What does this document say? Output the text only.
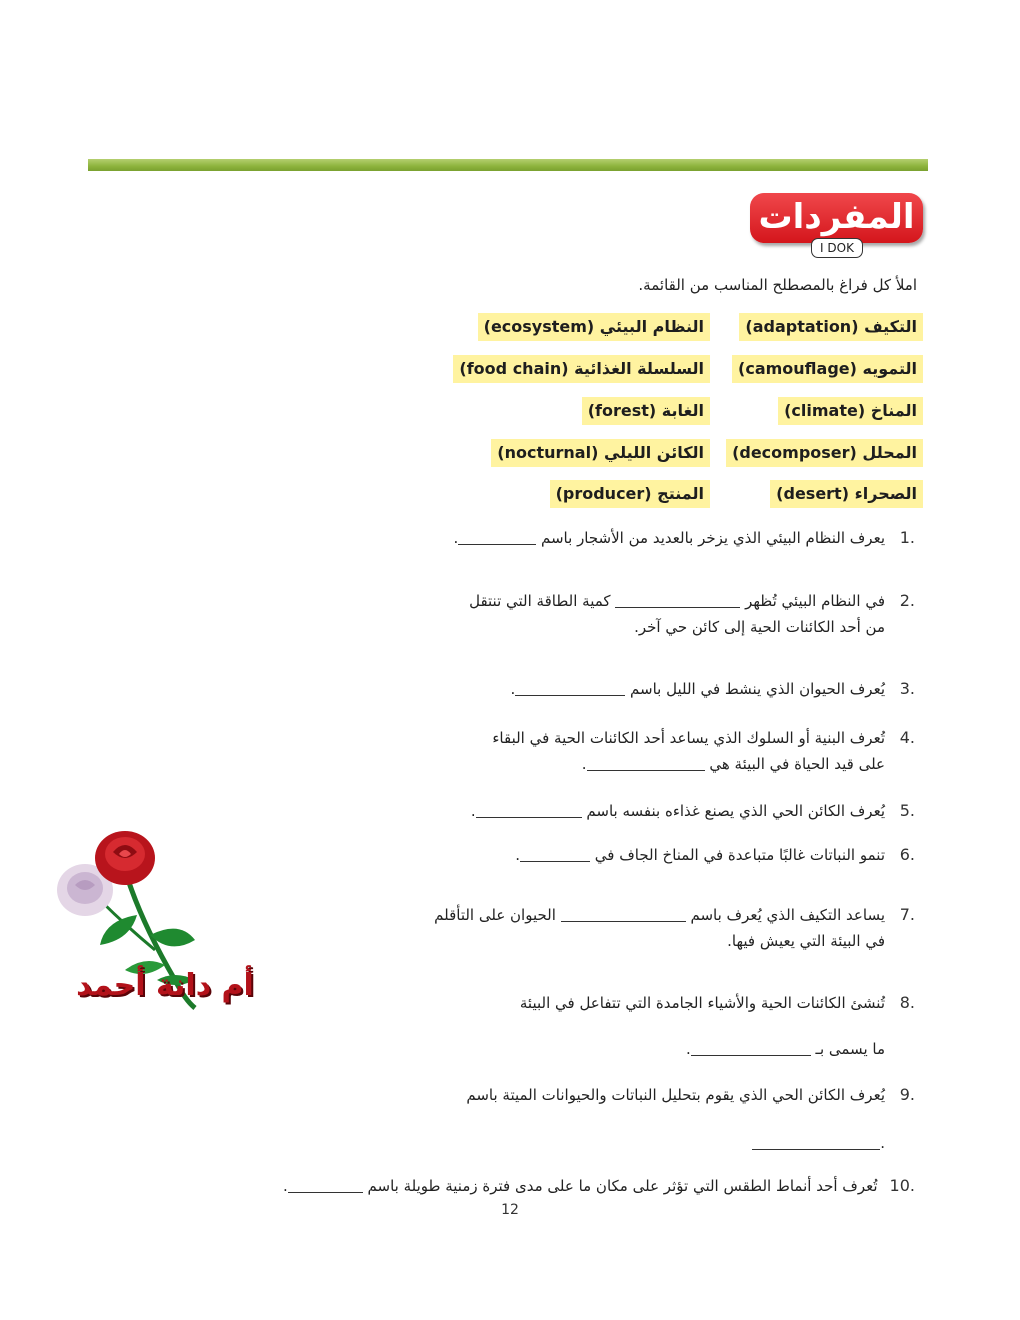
المفردات
I DOK
املأ كل فراغ بالمصطلح المناسب من القائمة.
التكيف (adaptation)
التمويه (camouflage)
المناخ (climate)
المحلل (decomposer)
الصحراء (desert)
النظام البيئي (ecosystem)
السلسلة الغذائية (food chain)
الغابة (forest)
الكائن الليلي (nocturnal)
المنتج (producer)
.1يعرف النظام البيئي الذي يزخر بالعديد من الأشجار باسم .
.2في النظام البيئي تُظهر  كمية الطاقة التي تنتقل
من أحد الكائنات الحية إلى كائن حي آخر.
.3يُعرف الحيوان الذي ينشط في الليل باسم .
.4تُعرف البنية أو السلوك الذي يساعد أحد الكائنات الحية في البقاء
على قيد الحياة في البيئة هي .
.5يُعرف الكائن الحي الذي يصنع غذاءه بنفسه باسم .
.6تنمو النباتات غالبًا متباعدة في المناخ الجاف في .
.7يساعد التكيف الذي يُعرف باسم  الحيوان على التأقلم
في البيئة التي يعيش فيها.
.8تُنشئ الكائنات الحية والأشياء الجامدة التي تتفاعل في البيئة
ما يسمى بـ .
.9يُعرف الكائن الحي الذي يقوم بتحليل النباتات والحيوانات الميتة باسم
.
.10تُعرف أحد أنماط الطقس التي تؤثر على مكان ما على مدى فترة زمنية طويلة باسم .
أم دانة أحمد
12
